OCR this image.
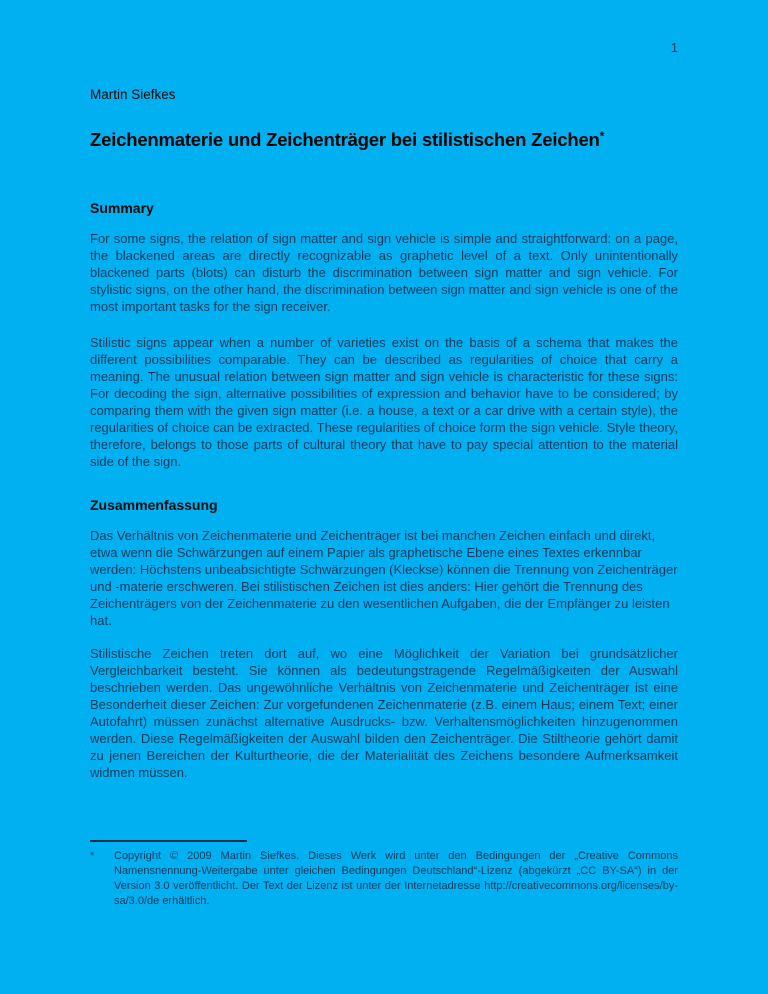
1
Martin Siefkes
Zeichenmaterie und Zeichenträger bei stilistischen Zeichen*
Summary

For some signs, the relation of sign matter and sign vehicle is simple and straightforward: on a page, the blackened areas are directly recognizable as graphetic level of a text. Only unintentionally blackened parts (blots) can disturb the discrimination between sign matter and sign vehicle. For stylistic signs, on the other hand, the discrimination between sign matter and sign vehicle is one of the most important tasks for the sign receiver.

Stilistic signs appear when a number of varieties exist on the basis of a schema that makes the different possibilities comparable. They can be described as regularities of choice that carry a meaning. The unusual relation between sign matter and sign vehicle is characteristic for these signs: For decoding the sign, alternative possibilities of expression and behavior have to be considered; by comparing them with the given sign matter (i.e. a house, a text or a car drive with a certain style), the regularities of choice can be extracted. These regularities of choice form the sign vehicle. Style theory, therefore, belongs to those parts of cultural theory that have to pay special attention to the material side of the sign.

Zusammenfassung

Das Verhältnis von Zeichenmaterie und Zeichenträger ist bei manchen Zeichen einfach und direkt, etwa wenn die Schwärzungen auf einem Papier als graphetische Ebene eines Textes erkennbar werden: Höchstens unbeabsichtigte Schwärzungen (Kleckse) können die Trennung von Zeichenträger und -materie erschweren. Bei stilistischen Zeichen ist dies anders: Hier gehört die Trennung des Zeichenträgers von der Zeichenmaterie zu den wesentlichen Aufgaben, die der Empfänger zu leisten hat.

Stilistische Zeichen treten dort auf, wo eine Möglichkeit der Variation bei grundsätzlicher Vergleichbarkeit besteht. Sie können als bedeutungstragende Regelmäßigkeiten der Auswahl beschrieben werden. Das ungewöhnliche Verhältnis von Zeichenmaterie und Zeichenträger ist eine Besonderheit dieser Zeichen: Zur vorgefundenen Zeichenmaterie (z.B. einem Haus; einem Text; einer Autofahrt) müssen zunächst alternative Ausdrucks- bzw. Verhaltensmöglichkeiten hinzugenommen werden. Diese Regelmäßigkeiten der Auswahl bilden den Zeichenträger. Die Stiltheorie gehört damit zu jenen Bereichen der Kulturtheorie, die der Materialität des Zeichens besondere Aufmerksamkeit widmen müssen.

*	Copyright © 2009 Martin Siefkes. Dieses Werk wird unter den Bedingungen der „Creative Commons Namensnennung-Weitergabe unter gleichen Bedingungen Deutschland“-Lizenz (abgekürzt „CC BY-SA“) in der Version 3.0 veröffentlicht. Der Text der Lizenz ist unter der Internetadresse http://creativecommons.org/licenses/by-sa/3.0/de erhältlich.
